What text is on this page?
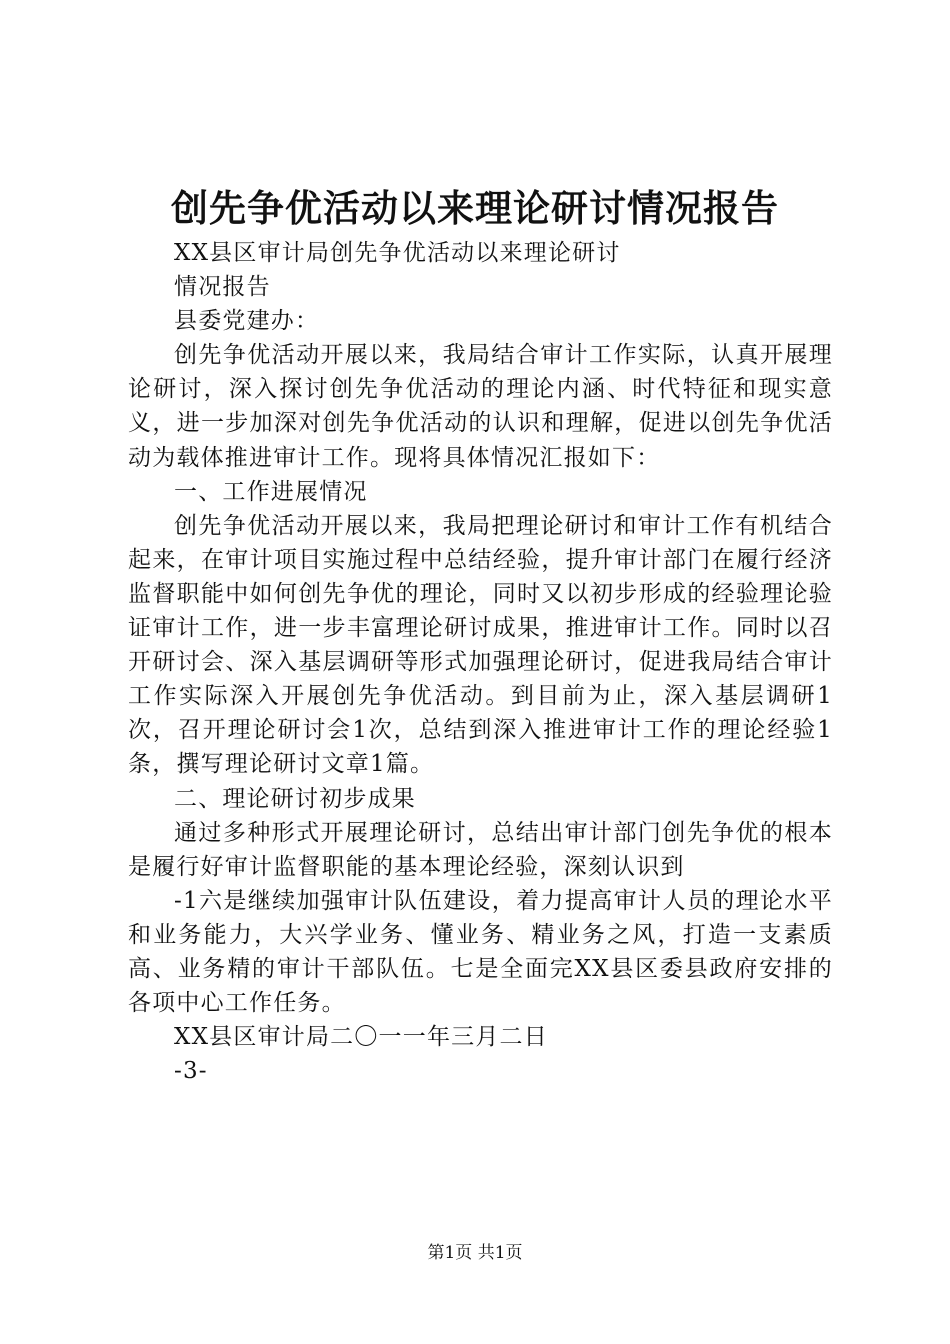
创先争优活动以来理论研讨情况报告

XX县区审计局创先争优活动以来理论研讨

情况报告

县委党建办：

创先争优活动开展以来，我局结合审计工作实际，认真开展理论研讨，深入探讨创先争优活动的理论内涵、时代特征和现实意义，进一步加深对创先争优活动的认识和理解，促进以创先争优活动为载体推进审计工作。现将具体情况汇报如下：

一、工作进展情况

创先争优活动开展以来，我局把理论研讨和审计工作有机结合起来，在审计项目实施过程中总结经验，提升审计部门在履行经济监督职能中如何创先争优的理论，同时又以初步形成的经验理论验证审计工作，进一步丰富理论研讨成果，推进审计工作。同时以召开研讨会、深入基层调研等形式加强理论研讨，促进我局结合审计工作实际深入开展创先争优活动。到目前为止，深入基层调研1次，召开理论研讨会1次，总结到深入推进审计工作的理论经验1条，撰写理论研讨文章1篇。

二、理论研讨初步成果

通过多种形式开展理论研讨，总结出审计部门创先争优的根本是履行好审计监督职能的基本理论经验，深刻认识到

-1六是继续加强审计队伍建设，着力提高审计人员的理论水平和业务能力，大兴学业务、懂业务、精业务之风，打造一支素质高、业务精的审计干部队伍。七是全面完XX县区委县政府安排的各项中心工作任务。

XX县区审计局二〇一一年三月二日

-3-

第1页 共1页
